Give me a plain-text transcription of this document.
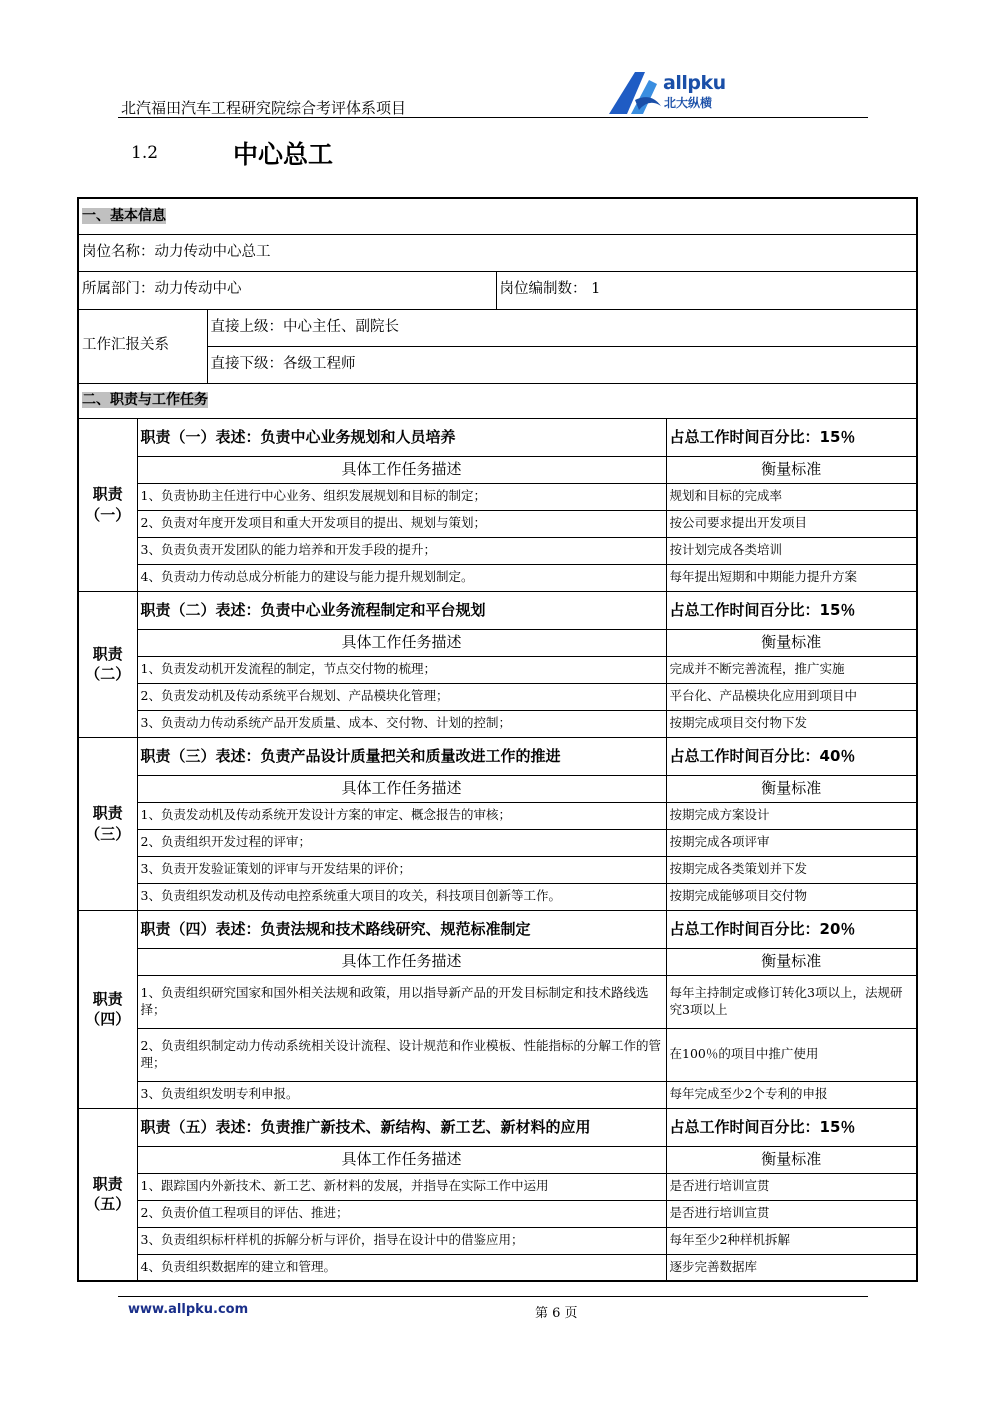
北汽福田汽车工程研究院综合考评体系项目
allpku
北大纵横
1.2	中心总工
一、基本信息				
岗位名称：动力传动中心总工				
所属部门：动力传动中心			岗位编制数： 1	
工作汇报关系		直接上级：中心主任、副院长		
		直接下级：各级工程师		
二、职责与工作任务				

职责
（一）	职责（一）表述：负责中心业务规划和人员培养			占总工作时间百分比：15％
	具体工作任务描述			衡量标准
	1、负责协助主任进行中心业务、组织发展规划和目标的制定；			规划和目标的完成率
	2、负责对年度开发项目和重大开发项目的提出、规划与策划；			按公司要求提出开发项目
	3、负责负责开发团队的能力培养和开发手段的提升；			按计划完成各类培训
	4、负责动力传动总成分析能力的建设与能力提升规划制定。			每年提出短期和中期能力提升方案

职责
（二）	职责（二）表述：负责中心业务流程制定和平台规划			占总工作时间百分比：15％
	具体工作任务描述			衡量标准
	1、负责发动机开发流程的制定，节点交付物的梳理；			完成并不断完善流程，推广实施
	2、负责发动机及传动系统平台规划、产品模块化管理；			平台化、产品模块化应用到项目中
	3、负责动力传动系统产品开发质量、成本、交付物、计划的控制；			按期完成项目交付物下发

职责
（三）	职责（三）表述：负责产品设计质量把关和质量改进工作的推进			占总工作时间百分比：40％
	具体工作任务描述			衡量标准
	1、负责发动机及传动系统开发设计方案的审定、概念报告的审核；			按期完成方案设计
	2、负责组织开发过程的评审；			按期完成各项评审
	3、负责开发验证策划的评审与开发结果的评价；			按期完成各类策划并下发
	3、负责组织发动机及传动电控系统重大项目的攻关，科技项目创新等工作。			按期完成能够项目交付物

职责
（四）	职责（四）表述：负责法规和技术路线研究、规范标准制定			占总工作时间百分比：20％
	具体工作任务描述			衡量标准
	1、负责组织研究国家和国外相关法规和政策，用以指导新产品的开发目标制定和技术路线选择；			每年主持制定或修订转化3项以上，法规研究3项以上
	2、负责组织制定动力传动系统相关设计流程、设计规范和作业模板、性能指标的分解工作的管理；			在100％的项目中推广使用
	3、负责组织发明专利申报。			每年完成至少2个专利的申报

职责
（五）	职责（五）表述：负责推广新技术、新结构、新工艺、新材料的应用			占总工作时间百分比：15％
	具体工作任务描述			衡量标准
	1、跟踪国内外新技术、新工艺、新材料的发展，并指导在实际工作中运用			是否进行培训宣贯
	2、负责价值工程项目的评估、推进；			是否进行培训宣贯
	3、负责组织标杆样机的拆解分析与评价，指导在设计中的借鉴应用；			每年至少2种样机拆解
	4、负责组织数据库的建立和管理。			逐步完善数据库
www.allpku.com	第 6 页
